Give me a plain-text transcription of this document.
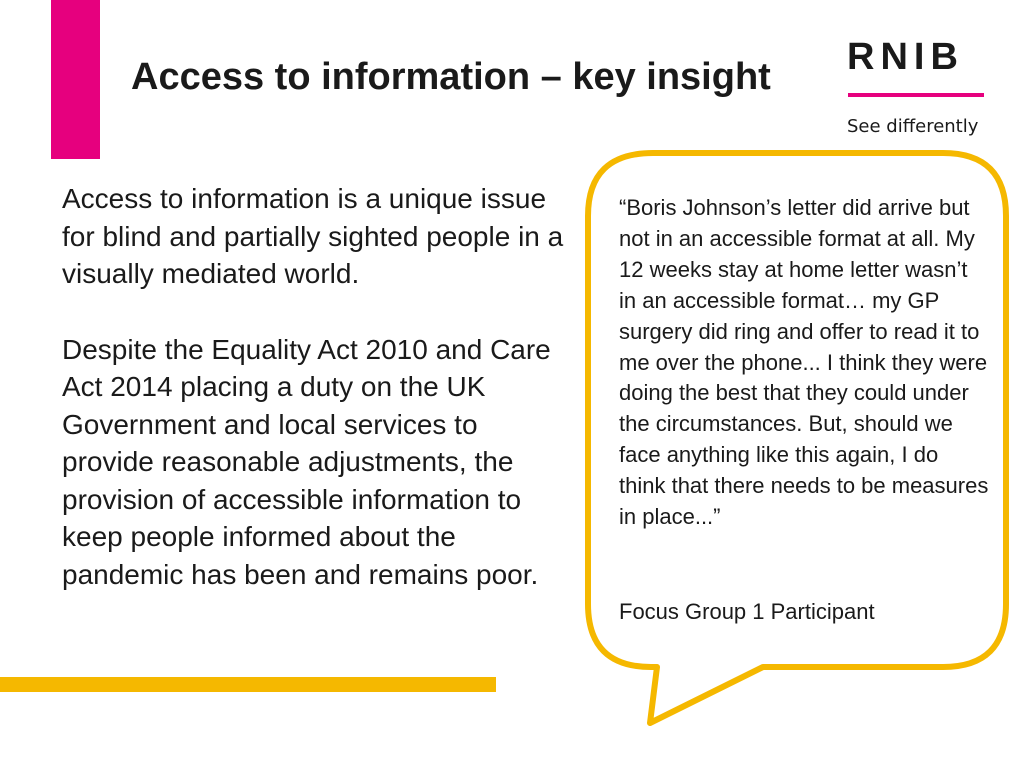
Access to information – key insight RNIB
See differently

Access to information is a unique issue for blind and partially sighted people in a visually mediated world.

Despite the Equality Act 2010 and Care Act 2014 placing a duty on the UK Government and local services to provide reasonable adjustments, the provision of accessible information to keep people informed about the pandemic has been and remains poor.

“Boris Johnson’s letter did arrive but not in an accessible format at all. My 12 weeks stay at home letter wasn’t in an accessible format… my GP surgery did ring and offer to read it to me over the phone... I think they were doing the best that they could under the circumstances. But, should we face anything like this again, I do think that there needs to be measures in place...”

Focus Group 1 Participant
